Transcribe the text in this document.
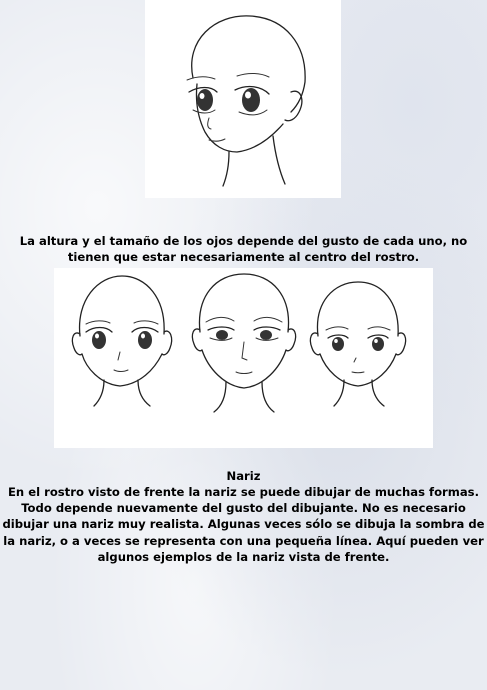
La altura y el tamaño de los ojos depende del gusto de cada uno, no tienen que estar necesariamente al centro del rostro.

Nariz

En el rostro visto de frente la nariz se puede dibujar de muchas formas. Todo depende nuevamente del gusto del dibujante. No es necesario dibujar una nariz muy realista. Algunas veces sólo se dibuja la sombra de la nariz, o a veces se representa con una pequeña línea. Aquí pueden ver algunos ejemplos de la nariz vista de frente.
